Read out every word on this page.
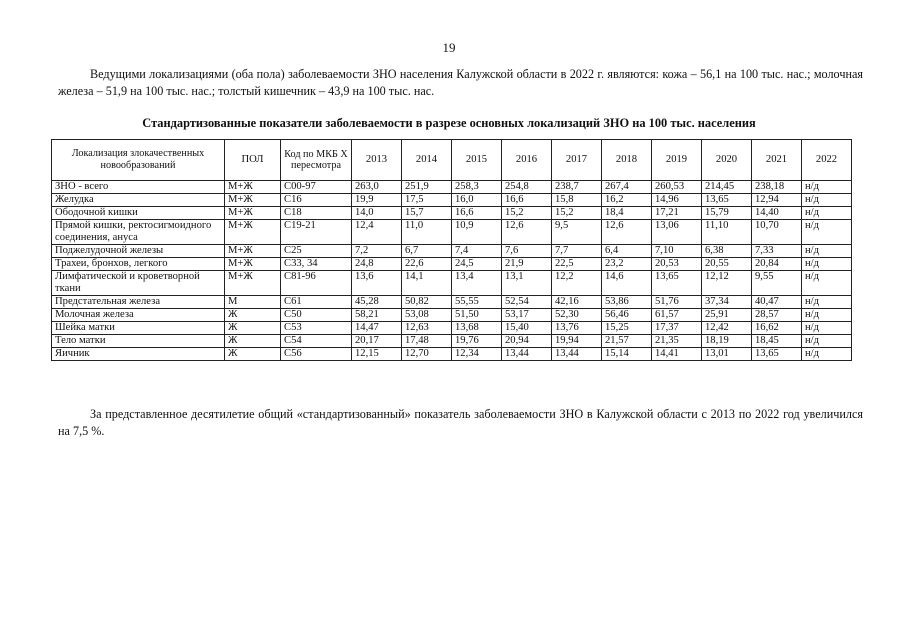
19

Ведущими локализациями (оба пола) заболеваемости ЗНО населения Калужской области в 2022 г. являются: кожа – 56,1 на 100 тыс. нас.; молочная железа – 51,9 на 100 тыс. нас.; толстый кишечник – 43,9 на 100 тыс. нас.

Стандартизованные показатели заболеваемости в разрезе основных локализаций ЗНО на 100 тыс. населения
Локализация злокачественных новообразований	ПОЛ	Код по МКБ X пересмотра	2013	2014	2015	2016	2017	2018	2019	2020	2021	2022
ЗНО - всего	М+Ж	С00-97	263,0	251,9	258,3	254,8	238,7	267,4	260,53	214,45	238,18	н/д
Желудка	М+Ж	С16	19,9	17,5	16,0	16,6	15,8	16,2	14,96	13,65	12,94	н/д
Ободочной кишки	М+Ж	С18	14,0	15,7	16,6	15,2	15,2	18,4	17,21	15,79	14,40	н/д
Прямой кишки, ректосигмоидного соединения, ануса	М+Ж	С19-21	12,4	11,0	10,9	12,6	9,5	12,6	13,06	11,10	10,70	н/д
Поджелудочной железы	М+Ж	С25	7,2	6,7	7,4	7,6	7,7	6,4	7,10	6,38	7,33	н/д
Трахеи, бронхов, легкого	М+Ж	С33, 34	24,8	22,6	24,5	21,9	22,5	23,2	20,53	20,55	20,84	н/д
Лимфатической и кроветворной ткани	М+Ж	С81-96	13,6	14,1	13,4	13,1	12,2	14,6	13,65	12,12	9,55	н/д
Предстательная железа	М	С61	45,28	50,82	55,55	52,54	42,16	53,86	51,76	37,34	40,47	н/д
Молочная железа	Ж	С50	58,21	53,08	51,50	53,17	52,30	56,46	61,57	25,91	28,57	н/д
Шейка матки	Ж	С53	14,47	12,63	13,68	15,40	13,76	15,25	17,37	12,42	16,62	н/д
Тело матки	Ж	С54	20,17	17,48	19,76	20,94	19,94	21,57	21,35	18,19	18,45	н/д
Яичник	Ж	С56	12,15	12,70	12,34	13,44	13,44	15,14	14,41	13,01	13,65	н/д

За представленное десятилетие общий «стандартизованный» показатель заболеваемости ЗНО в Калужской области с 2013 по 2022 год увеличился на 7,5 %.
